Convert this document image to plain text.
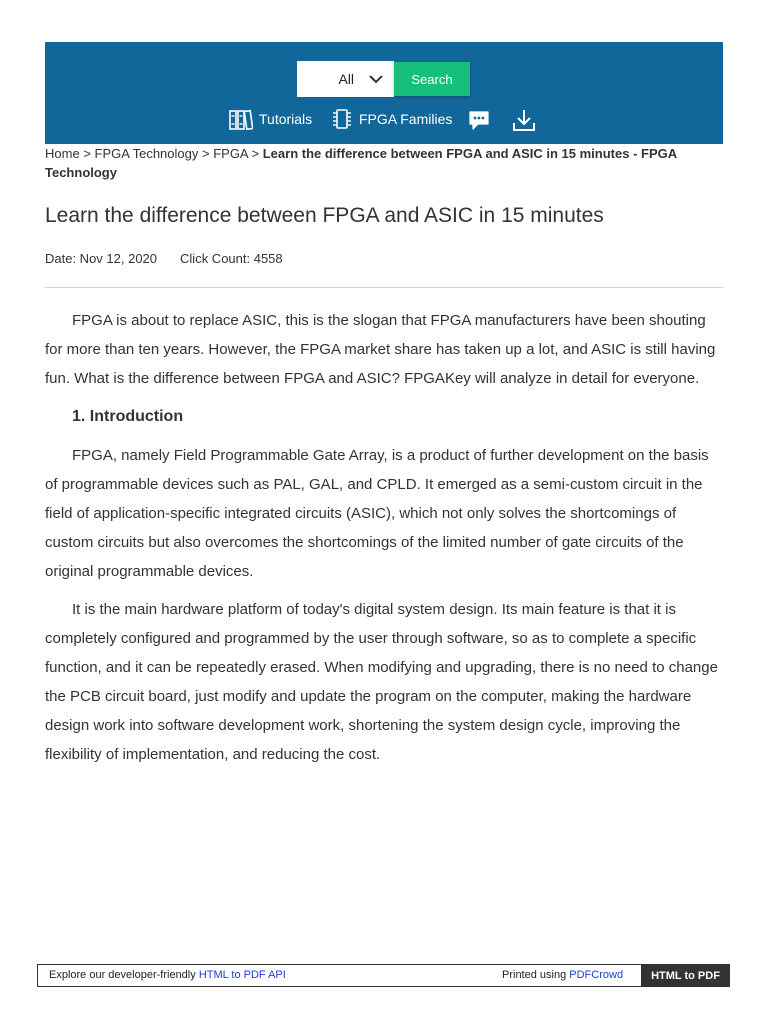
All	Search
Tutorials	FPGA Families
Home > FPGA Technology > FPGA > Learn the difference between FPGA and ASIC in 15 minutes - FPGA Technology
Learn the difference between FPGA and ASIC in 15 minutes
Date: Nov 12, 2020 Click Count: 4558

FPGA is about to replace ASIC, this is the slogan that FPGA manufacturers have been shouting for more than ten years. However, the FPGA market share has taken up a lot, and ASIC is still having fun. What is the difference between FPGA and ASIC? FPGAKey will analyze in detail for everyone.

1. Introduction

FPGA, namely Field Programmable Gate Array, is a product of further development on the basis of programmable devices such as PAL, GAL, and CPLD. It emerged as a semi-custom circuit in the field of application-specific integrated circuits (ASIC), which not only solves the shortcomings of custom circuits but also overcomes the shortcomings of the limited number of gate circuits of the original programmable devices.

It is the main hardware platform of today's digital system design. Its main feature is that it is completely configured and programmed by the user through software, so as to complete a specific function, and it can be repeatedly erased. When modifying and upgrading, there is no need to change the PCB circuit board, just modify and update the program on the computer, making the hardware design work into software development work, shortening the system design cycle, improving the flexibility of implementation, and reducing the cost.

Explore our developer-friendly HTML to PDF API	Printed using PDFCrowd	HTML to PDF
